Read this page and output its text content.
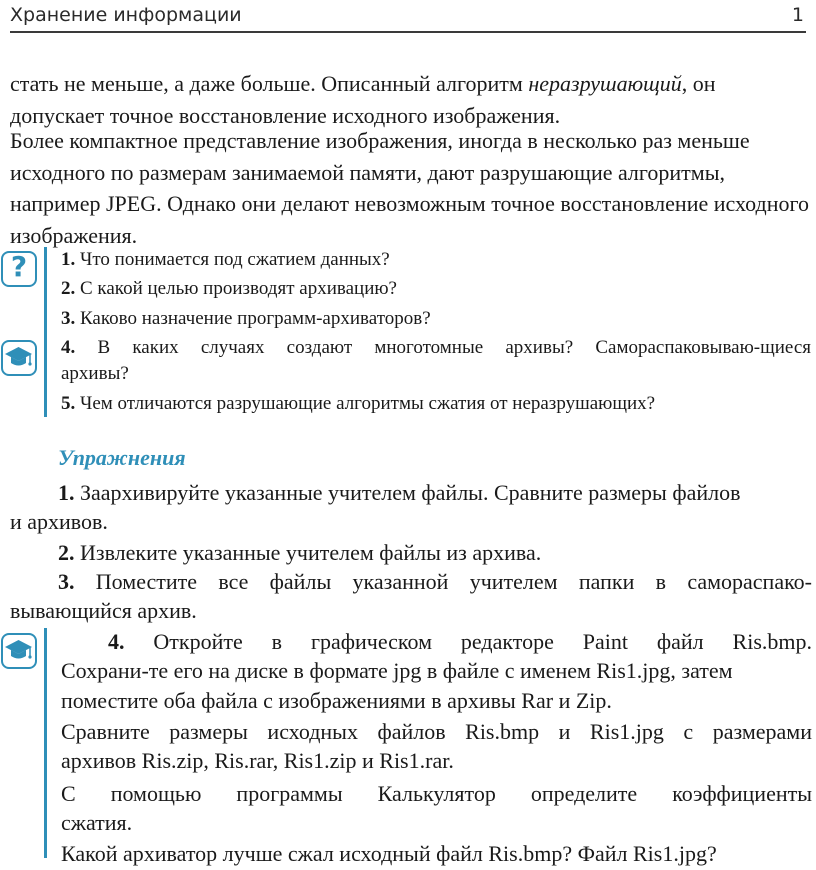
Хранение информации	1
стать не меньше, а даже больше. Описанный алгоритм неразрушающий, он допускает точное восстановление исходного изображения.
Более компактное представление изображения, иногда в несколько раз меньше исходного по размерам занимаемой памяти, дают разрушающие алгоритмы, например JPEG. Однако они делают невозможным точное восстановление исходного изображения.
?	1. Что понимается под сжатием данных?
2. С какой целью производят архивацию?
3. Каково назначение программ-архиваторов?
4. В каких случаях создают многотомные архивы? Самораспаковываю-щиеся
архивы?
5. Чем отличаются разрушающие алгоритмы сжатия от неразрушающих?
Упражнения
1. Заархивируйте указанные учителем файлы. Сравните размеры файлов
и архивов.
2. Извлеките указанные учителем файлы из архива.
3. Поместите все файлы указанной учителем папки в самораспако-
вывающийся архив.
4. Откройте в графическом редакторе Paint файл Ris.bmp.
Сохрани-те его на диске в формате jpg в файле с именем Ris1.jpg, затем
поместите оба файла с изображениями в архивы Rar и Zip.
Сравните размеры исходных файлов Ris.bmp и Ris1.jpg с размерами
архивов Ris.zip, Ris.rar, Ris1.zip и Ris1.rar.
С помощью программы Калькулятор определите коэффициенты
сжатия.
Какой архиватор лучше сжал исходный файл Ris.bmp? Файл Ris1.jpg?
